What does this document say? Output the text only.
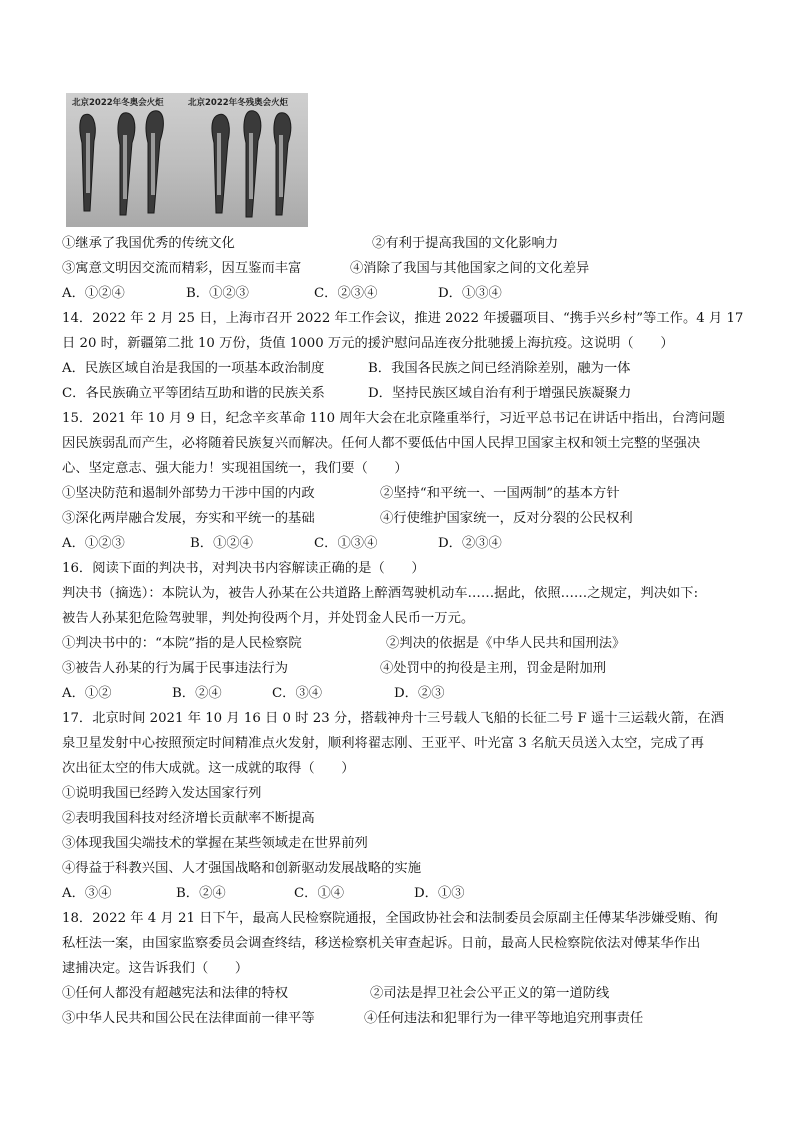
北京2022年冬奥会火炬	北京2022年冬残奥会火炬
①继承了我国优秀的传统文化	②有利于提高我国的文化影响力
③寓意文明因交流而精彩，因互鉴而丰富	④消除了我国与其他国家之间的文化差异
A．①②④	B．①②③	C．②③④	D．①③④
14．2022 年 2 月 25 日，上海市召开 2022 年工作会议，推进 2022 年援疆项目、“携手兴乡村”等工作。4 月 17
日 20 时，新疆第二批 10 万份，货值 1000 万元的援沪慰问品连夜分批驰援上海抗疫。这说明（　　）
A．民族区域自治是我国的一项基本政治制度	B．我国各民族之间已经消除差别，融为一体
C．各民族确立平等团结互助和谐的民族关系	D．坚持民族区域自治有利于增强民族凝聚力
15．2021 年 10 月 9 日，纪念辛亥革命 110 周年大会在北京隆重举行，习近平总书记在讲话中指出，台湾问题
因民族弱乱而产生，必将随着民族复兴而解决。任何人都不要低估中国人民捍卫国家主权和领土完整的坚强决
心、坚定意志、强大能力！实现祖国统一，我们要（　　）
①坚决防范和遏制外部势力干涉中国的内政	②坚持“和平统一、一国两制”的基本方针
③深化两岸融合发展，夯实和平统一的基础	④行使维护国家统一，反对分裂的公民权利
A．①②③	B．①②④	C．①③④	D．②③④
16．阅读下面的判决书，对判决书内容解读正确的是（　　）
判决书（摘选）：本院认为，被告人孙某在公共道路上醉酒驾驶机动车……据此，依照……之规定，判决如下:
被告人孙某犯危险驾驶罪，判处拘役两个月，并处罚金人民币一万元。
①判决书中的：“本院”指的是人民检察院	②判决的依据是《中华人民共和国刑法》
③被告人孙某的行为属于民事违法行为	④处罚中的拘役是主刑，罚金是附加刑
A．①②	B．②④	C．③④	D．②③
17．北京时间 2021 年 10 月 16 日 0 时 23 分，搭载神舟十三号载人飞船的长征二号 F 遥十三运载火箭，在酒
泉卫星发射中心按照预定时间精准点火发射，顺利将翟志刚、王亚平、叶光富 3 名航天员送入太空，完成了再
次出征太空的伟大成就。这一成就的取得（　　）
①说明我国已经跨入发达国家行列
②表明我国科技对经济增长贡献率不断提高
③体现我国尖端技术的掌握在某些领域走在世界前列
④得益于科教兴国、人才强国战略和创新驱动发展战略的实施
A．③④	B．②④	C．①④	D．①③
18．2022 年 4 月 21 日下午，最高人民检察院通报，全国政协社会和法制委员会原副主任傅某华涉嫌受贿、徇
私枉法一案，由国家监察委员会调查终结，移送检察机关审查起诉。日前，最高人民检察院依法对傅某华作出
逮捕决定。这告诉我们（　　）
①任何人都没有超越宪法和法律的特权	②司法是捍卫社会公平正义的第一道防线
③中华人民共和国公民在法律面前一律平等	④任何违法和犯罪行为一律平等地追究刑事责任
